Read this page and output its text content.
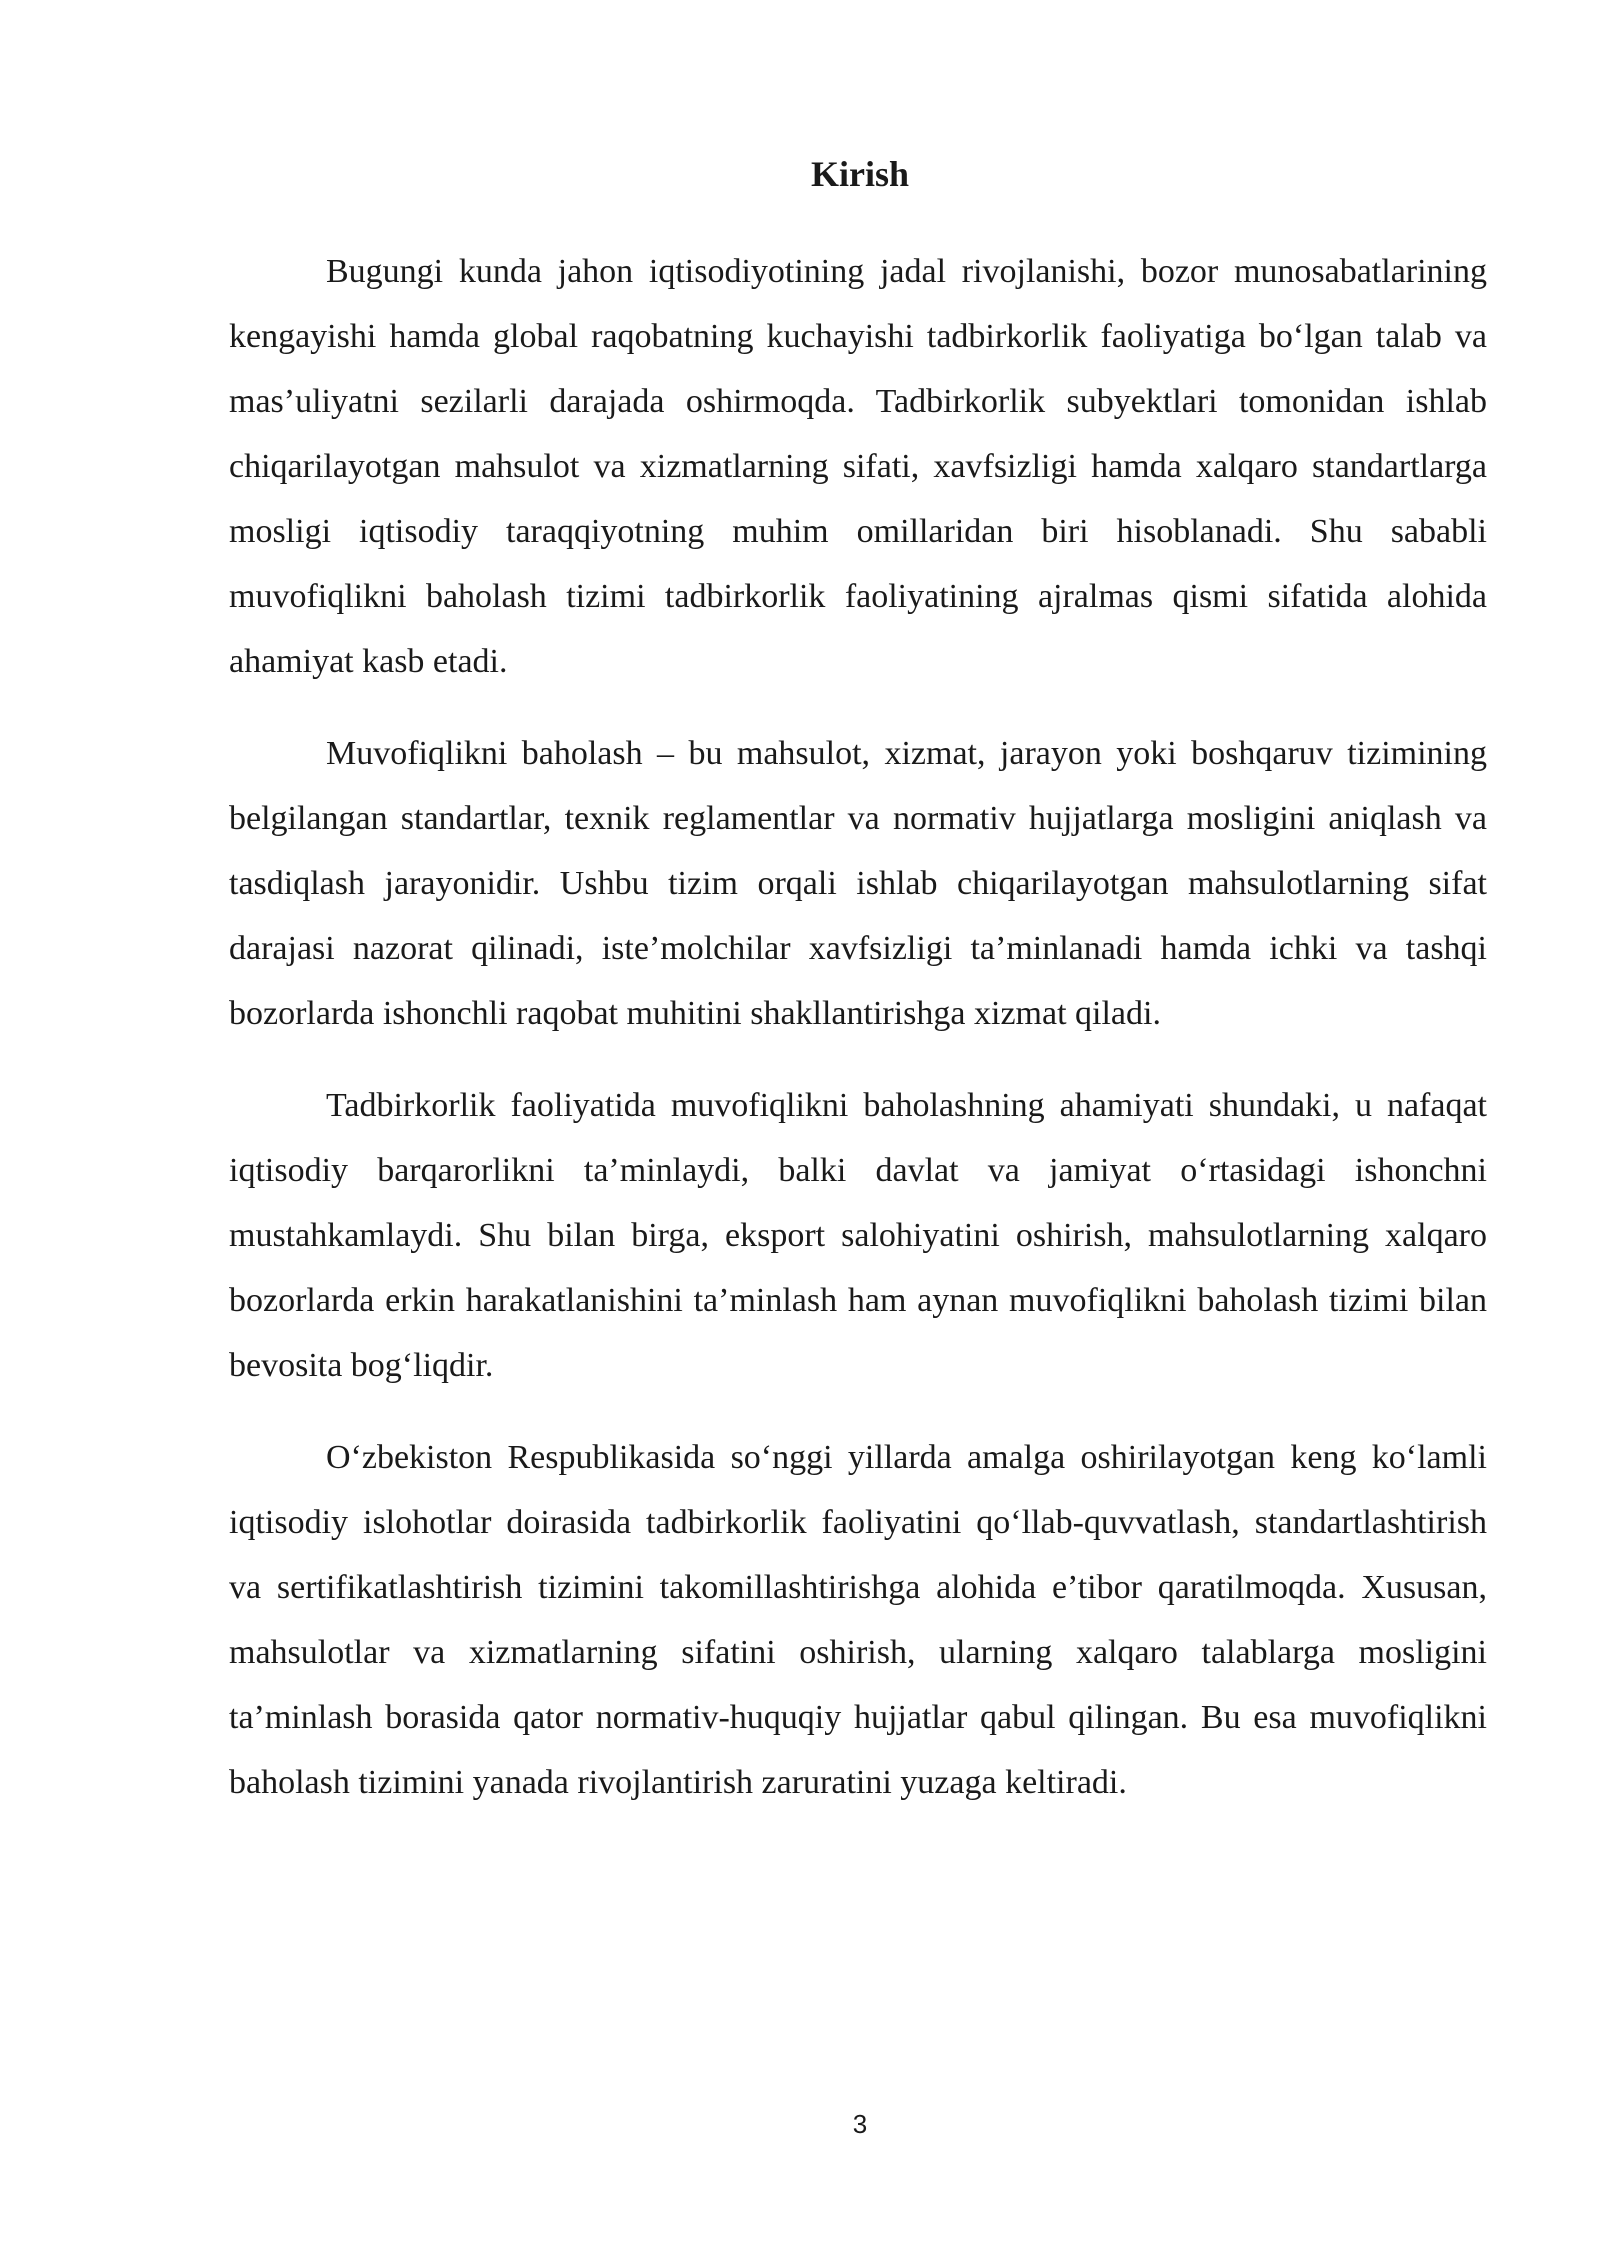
Kirish

Bugungi kunda jahon iqtisodiyotining jadal rivojlanishi, bozor munosabatlarining kengayishi hamda global raqobatning kuchayishi tadbirkorlik faoliyatiga bo‘lgan talab va mas’uliyatni sezilarli darajada oshirmoqda. Tadbirkorlik subyektlari tomonidan ishlab chiqarilayotgan mahsulot va xizmatlarning sifati, xavfsizligi hamda xalqaro standartlarga mosligi iqtisodiy taraqqiyotning muhim omillaridan biri hisoblanadi. Shu sababli muvofiqlikni baholash tizimi tadbirkorlik faoliyatining ajralmas qismi sifatida alohida ahamiyat kasb etadi.

Muvofiqlikni baholash – bu mahsulot, xizmat, jarayon yoki boshqaruv tizimining belgilangan standartlar, texnik reglamentlar va normativ hujjatlarga mosligini aniqlash va tasdiqlash jarayonidir. Ushbu tizim orqali ishlab chiqarilayotgan mahsulotlarning sifat darajasi nazorat qilinadi, iste’molchilar xavfsizligi ta’minlanadi hamda ichki va tashqi bozorlarda ishonchli raqobat muhitini shakllantirishga xizmat qiladi.

Tadbirkorlik faoliyatida muvofiqlikni baholashning ahamiyati shundaki, u nafaqat iqtisodiy barqarorlikni ta’minlaydi, balki davlat va jamiyat o‘rtasidagi ishonchni mustahkamlaydi. Shu bilan birga, eksport salohiyatini oshirish, mahsulotlarning xalqaro bozorlarda erkin harakatlanishini ta’minlash ham aynan muvofiqlikni baholash tizimi bilan bevosita bog‘liqdir.

O‘zbekiston Respublikasida so‘nggi yillarda amalga oshirilayotgan keng ko‘lamli iqtisodiy islohotlar doirasida tadbirkorlik faoliyatini qo‘llab-quvvatlash, standartlashtirish va sertifikatlashtirish tizimini takomillashtirishga alohida e’tibor qaratilmoqda. Xususan, mahsulotlar va xizmatlarning sifatini oshirish, ularning xalqaro talablarga mosligini ta’minlash borasida qator normativ-huquqiy hujjatlar qabul qilingan. Bu esa muvofiqlikni baholash tizimini yanada rivojlantirish zaruratini yuzaga keltiradi.

3
